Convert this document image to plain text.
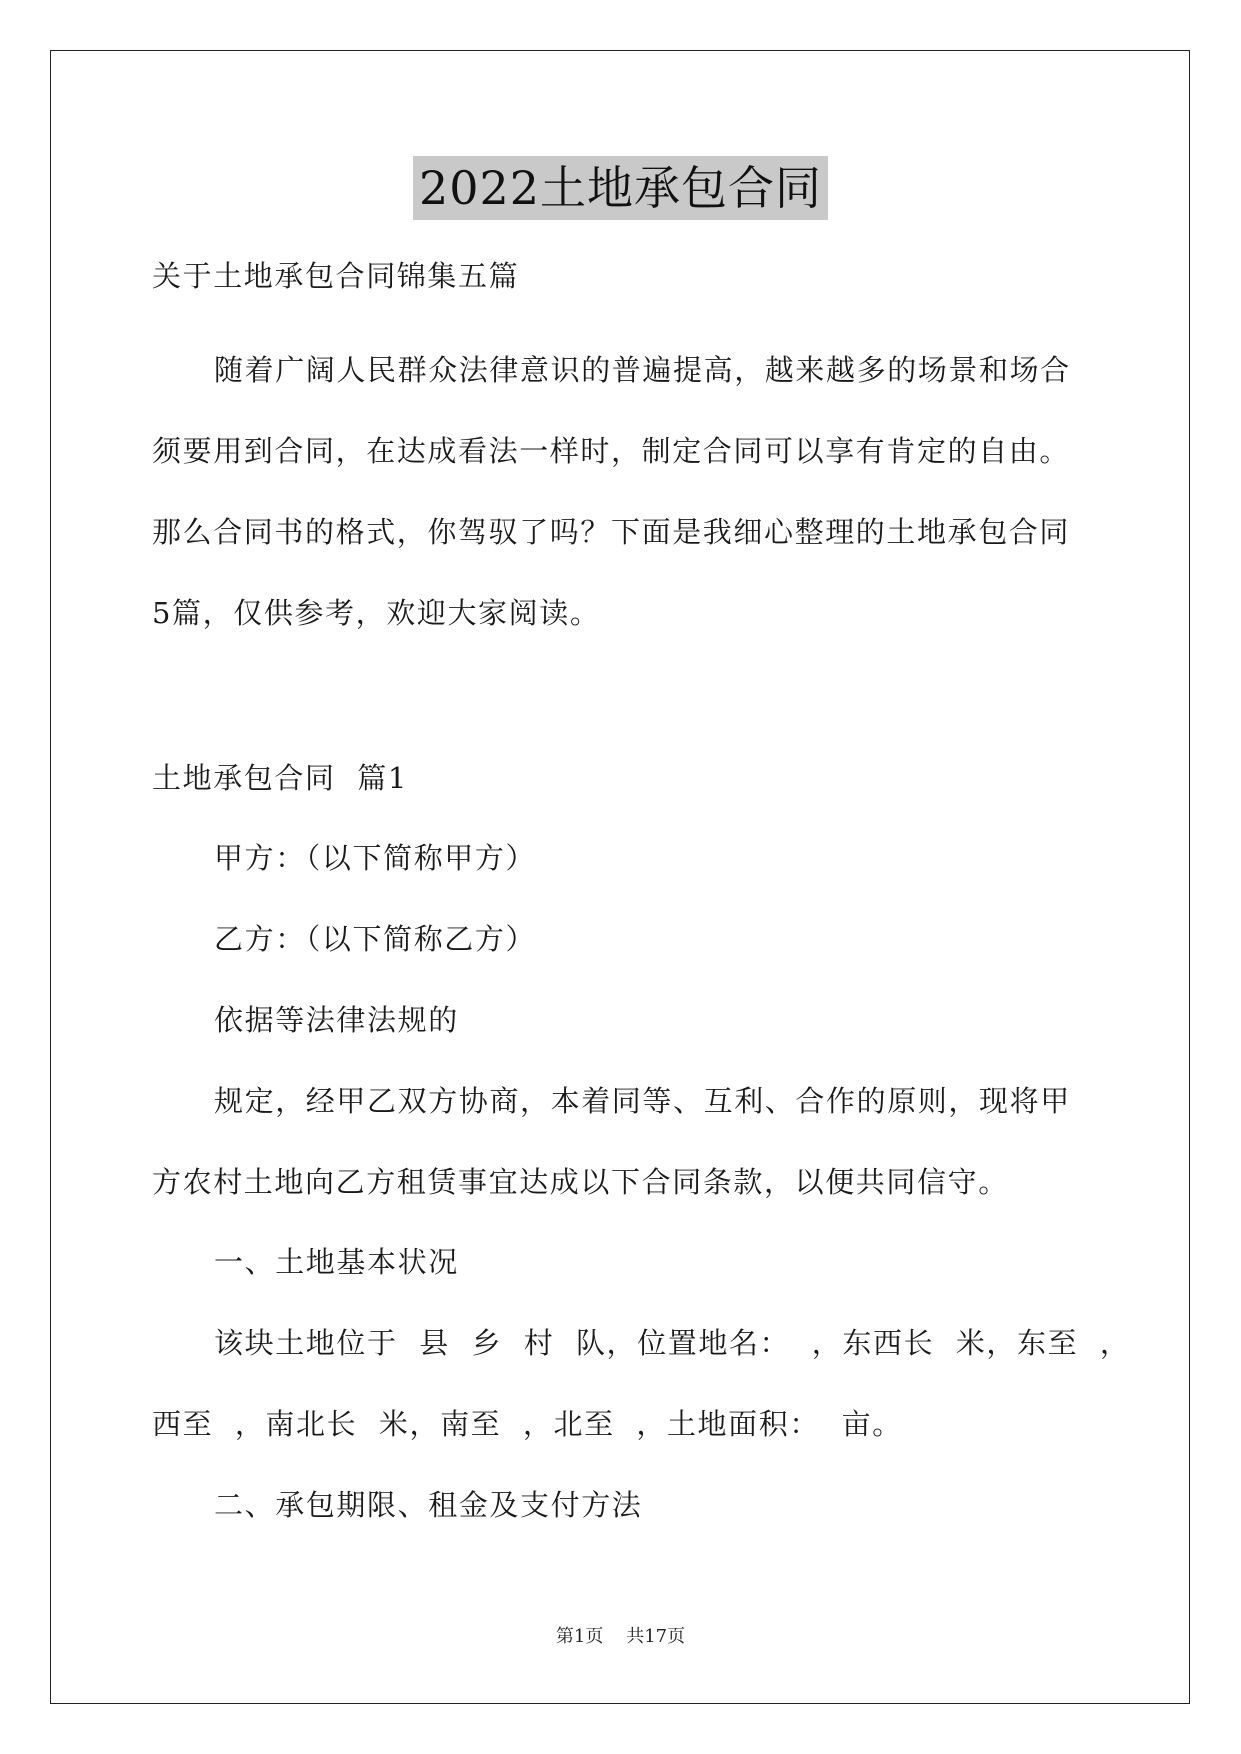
2022土地承包合同
关于土地承包合同锦集五篇
随着广阔人民群众法律意识的普遍提高，越来越多的场景和场合
须要用到合同，在达成看法一样时，制定合同可以享有肯定的自由。
那么合同书的格式，你驾驭了吗？下面是我细心整理的土地承包合同
5篇，仅供参考，欢迎大家阅读。
土地承包合同  篇1
甲方：（以下简称甲方）
乙方：（以下简称乙方）
依据等法律法规的
规定，经甲乙双方协商，本着同等、互利、合作的原则，现将甲
方农村土地向乙方租赁事宜达成以下合同条款，以便共同信守。
一、土地基本状况
该块土地位于  县  乡  村  队，位置地名：  ，东西长  米，东至  ，
西至  ，南北长  米，南至  ，北至  ，土地面积：  亩。
二、承包期限、租金及支付方法
第1页    共17页
